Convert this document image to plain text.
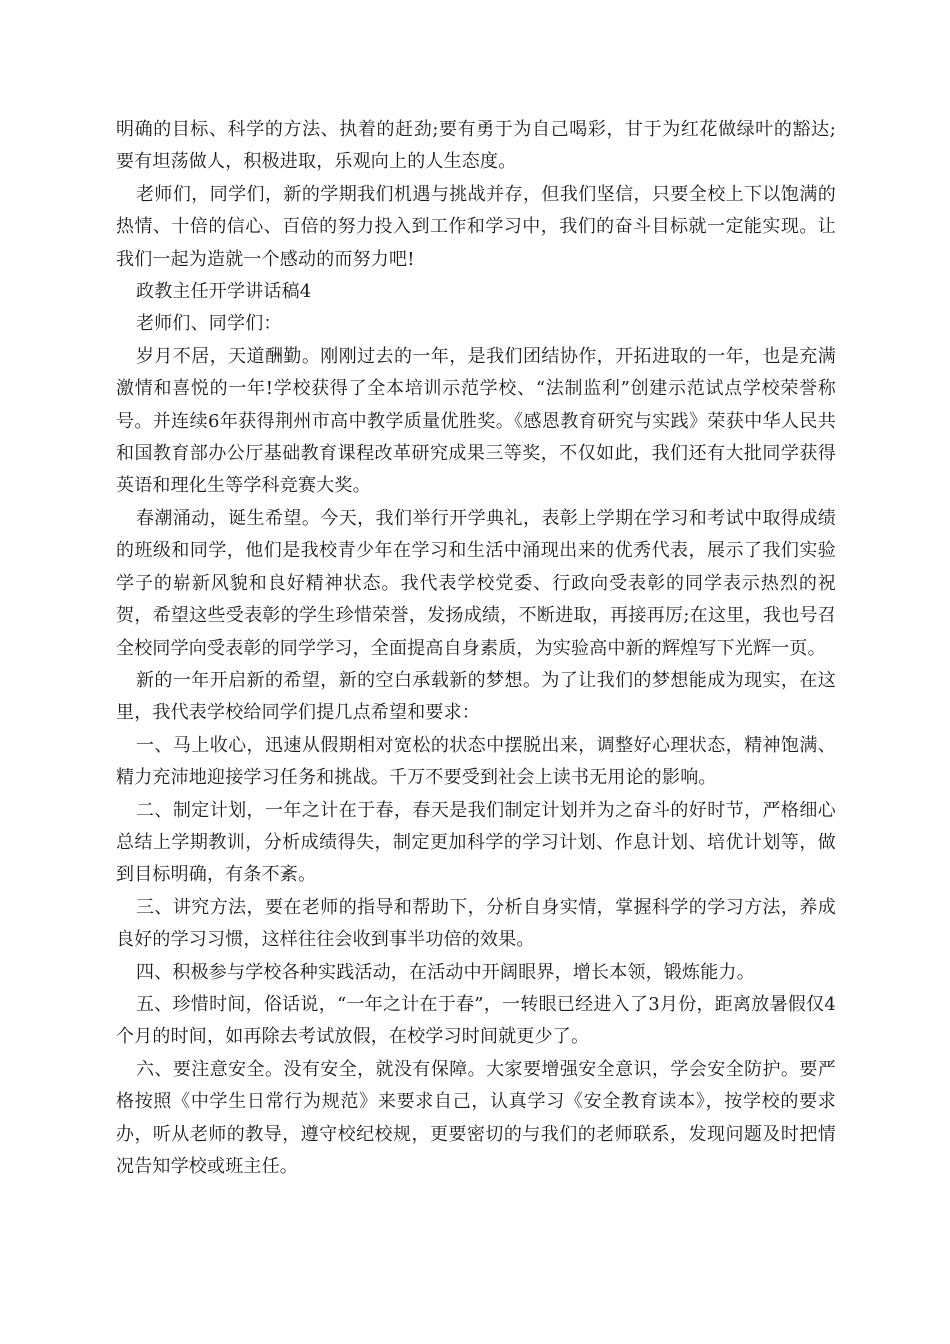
明确的目标、科学的方法、执着的赶劲;要有勇于为自己喝彩，甘于为红花做绿叶的豁达;要有坦荡做人，积极进取，乐观向上的人生态度。

老师们，同学们，新的学期我们机遇与挑战并存，但我们坚信，只要全校上下以饱满的热情、十倍的信心、百倍的努力投入到工作和学习中，我们的奋斗目标就一定能实现。让我们一起为造就一个感动的而努力吧!

政教主任开学讲话稿4

老师们、同学们：

岁月不居，天道酬勤。刚刚过去的一年，是我们团结协作，开拓进取的一年，也是充满激情和喜悦的一年!学校获得了全本培训示范学校、“法制监利”创建示范试点学校荣誉称号。并连续6年获得荆州市高中教学质量优胜奖。《感恩教育研究与实践》荣获中华人民共和国教育部办公厅基础教育课程改革研究成果三等奖，不仅如此，我们还有大批同学获得英语和理化生等学科竞赛大奖。

春潮涌动，诞生希望。今天，我们举行开学典礼，表彰上学期在学习和考试中取得成绩的班级和同学，他们是我校青少年在学习和生活中涌现出来的优秀代表，展示了我们实验学子的崭新风貌和良好精神状态。我代表学校党委、行政向受表彰的同学表示热烈的祝贺，希望这些受表彰的学生珍惜荣誉，发扬成绩，不断进取，再接再厉;在这里，我也号召全校同学向受表彰的同学学习，全面提高自身素质，为实验高中新的辉煌写下光辉一页。

新的一年开启新的希望，新的空白承载新的梦想。为了让我们的梦想能成为现实，在这里，我代表学校给同学们提几点希望和要求：

一、马上收心，迅速从假期相对宽松的状态中摆脱出来，调整好心理状态，精神饱满、精力充沛地迎接学习任务和挑战。千万不要受到社会上读书无用论的影响。

二、制定计划，一年之计在于春，春天是我们制定计划并为之奋斗的好时节，严格细心总结上学期教训，分析成绩得失，制定更加科学的学习计划、作息计划、培优计划等，做到目标明确，有条不紊。

三、讲究方法，要在老师的指导和帮助下，分析自身实情，掌握科学的学习方法，养成良好的学习习惯，这样往往会收到事半功倍的效果。

四、积极参与学校各种实践活动，在活动中开阔眼界，增长本领，锻炼能力。

五、珍惜时间，俗话说，“一年之计在于春”，一转眼已经进入了3月份，距离放暑假仅4个月的时间，如再除去考试放假，在校学习时间就更少了。

六、要注意安全。没有安全，就没有保障。大家要增强安全意识，学会安全防护。要严格按照《中学生日常行为规范》来要求自己，认真学习《安全教育读本》，按学校的要求办，听从老师的教导，遵守校纪校规，更要密切的与我们的老师联系，发现问题及时把情况告知学校或班主任。
